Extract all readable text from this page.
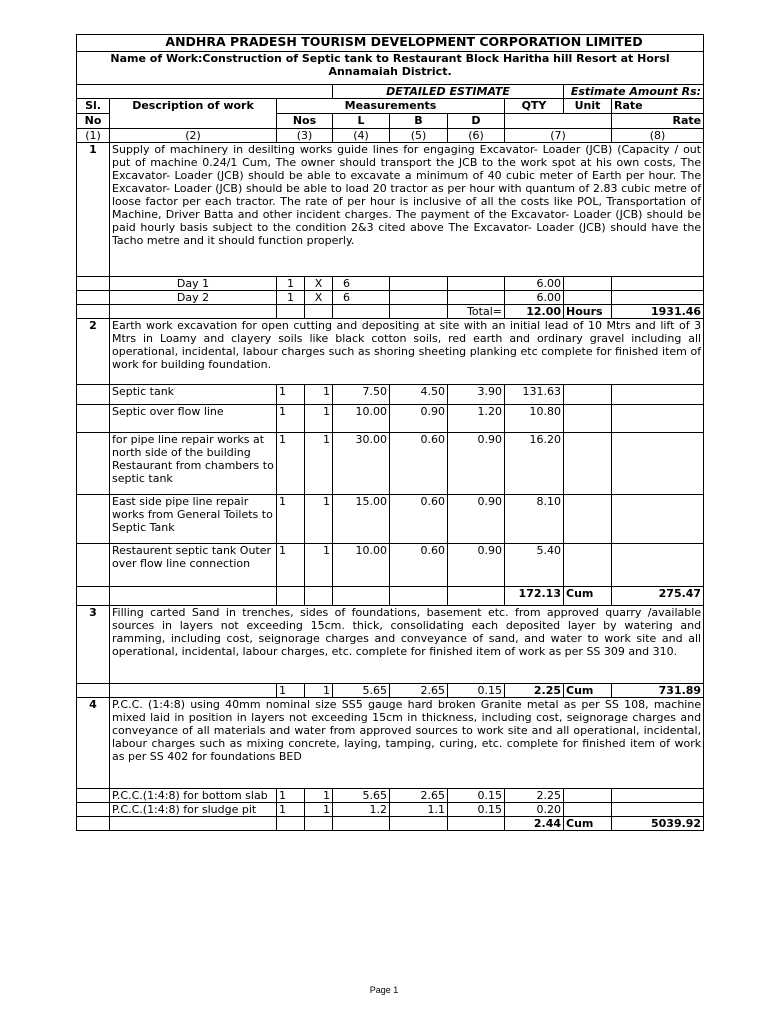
ANDHRA PRADESH TOURISM DEVELOPMENT CORPORATION LIMITED									

Name of Work:Construction of Septic tank to Restaurant Block Haritha hill Resort at Horsl
Annamaiah District.									

				DETAILED ESTIMATE				Estimate Amount Rs:	
Sl.	Description of work	Measurements					QTY	Unit	Rate
No		Nos		L	B	D			Rate
(1)	(2)	(3)		(4)	(5)	(6)	(7)		(8)
1	Supply of machinery in desilting works guide lines for engaging Excavator- Loader (JCB) (Capacity / out put of machine 0.24/1 Cum, The owner should transport the JCB to the work spot at his own costs, The Excavator- Loader (JCB) should be able to excavate a minimum of 40 cubic meter of Earth per hour. The Excavator- Loader (JCB) should be able to load 20 tractor as per hour with quantum of 2.83 cubic metre of loose factor per each tractor. The rate of per hour is inclusive of all the costs like POL, Transportation of Machine, Driver Batta and other incident charges. The payment of the Excavator- Loader (JCB) should be paid hourly basis subject to the condition 2&3 cited above The Excavator- Loader (JCB) should have the Tacho metre and it should function properly.								
	Day 1	1	X	6			6.00		
	Day 2	1	X	6			6.00		
						Total=	12.00	Hours	1931.46
2	Earth work excavation for open cutting and depositing at site with an initial lead of 10 Mtrs and lift of 3 Mtrs in Loamy and clayery soils like black cotton soils, red earth and ordinary gravel including all operational, incidental, labour charges such as shoring sheeting planking etc complete for finished item of work for building foundation.								
	Septic tank	1	1	7.50	4.50	3.90	131.63		
	Septic over flow line	1	1	10.00	0.90	1.20	10.80		
	for pipe line repair works at north side of the building Restaurant from chambers to septic tank	1	1	30.00	0.60	0.90	16.20		
	East side pipe line repair works from General Toilets to Septic Tank	1	1	15.00	0.60	0.90	8.10		
	Restaurent septic tank Outer over flow line connection	1	1	10.00	0.60	0.90	5.40		
							172.13	Cum	275.47
3	Filling carted Sand in trenches, sides of foundations, basement etc. from approved quarry /available sources in layers not exceeding 15cm. thick, consolidating each deposited layer by watering and ramming, including cost, seignorage charges and conveyance of sand, and water to work site and all operational, incidental, labour charges, etc. complete for finished item of work as per SS 309 and 310.								
		1	1	5.65	2.65	0.15	2.25	Cum	731.89
4	P.C.C. (1:4:8) using 40mm nominal size SS5 gauge hard broken Granite metal as per SS 108, machine mixed laid in position in layers not exceeding 15cm in thickness, including cost, seignorage charges and conveyance of all materials and water from approved sources to work site and all operational, incidental, labour charges such as mixing concrete, laying, tamping, curing, etc. complete for finished item of work as per SS 402 for foundations BED								
	P.C.C.(1:4:8) for bottom slab	1	1	5.65	2.65	0.15	2.25		
	P.C.C.(1:4:8) for sludge pit	1	1	1.2	1.1	0.15	0.20		
							2.44	Cum	5039.92
Page 1
